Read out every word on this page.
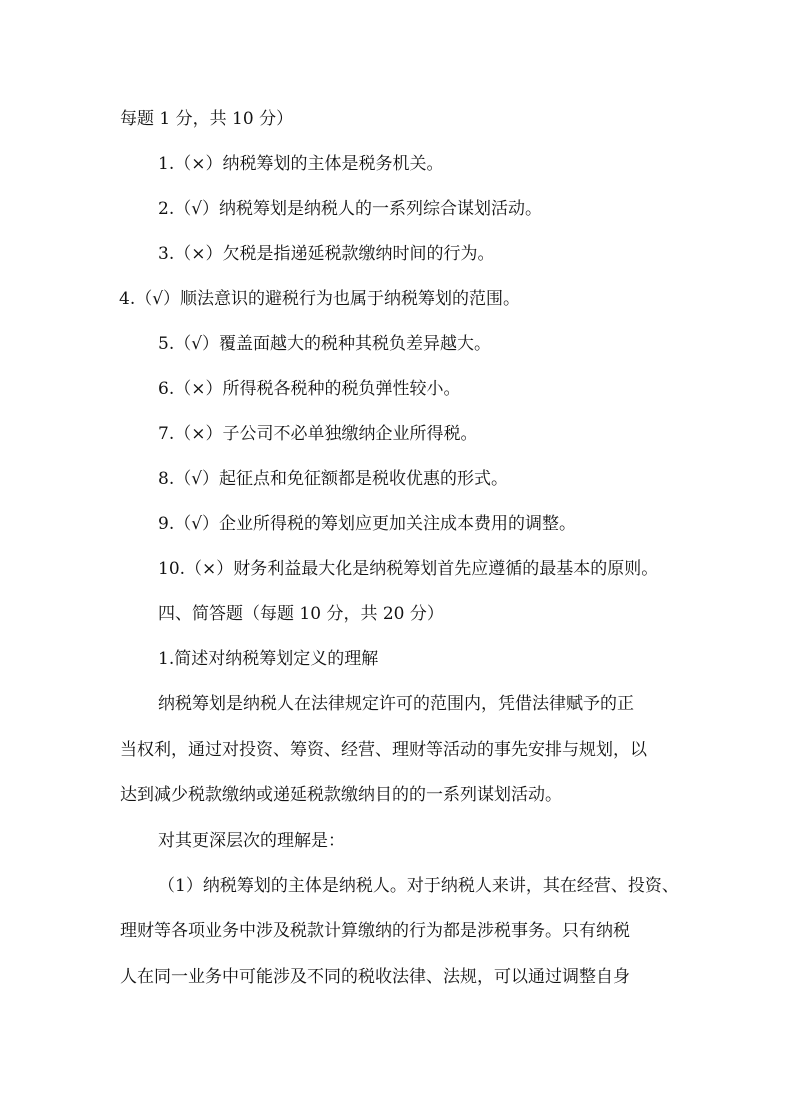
每题 1 分，共 10 分）
1.（×）纳税筹划的主体是税务机关。
2.（√）纳税筹划是纳税人的一系列综合谋划活动。
3.（×）欠税是指递延税款缴纳时间的行为。
4.（√）顺法意识的避税行为也属于纳税筹划的范围。
5.（√）覆盖面越大的税种其税负差异越大。
6.（×）所得税各税种的税负弹性较小。
7.（×）子公司不必单独缴纳企业所得税。
8.（√）起征点和免征额都是税收优惠的形式。
9.（√）企业所得税的筹划应更加关注成本费用的调整。
10.（×）财务利益最大化是纳税筹划首先应遵循的最基本的原则。
四、简答题（每题 10 分，共 20 分）
1.简述对纳税筹划定义的理解
纳税筹划是纳税人在法律规定许可的范围内，凭借法律赋予的正
当权利，通过对投资、筹资、经营、理财等活动的事先安排与规划，以
达到减少税款缴纳或递延税款缴纳目的的一系列谋划活动。
对其更深层次的理解是：
（1）纳税筹划的主体是纳税人。对于纳税人来讲，其在经营、投资、
理财等各项业务中涉及税款计算缴纳的行为都是涉税事务。只有纳税
人在同一业务中可能涉及不同的税收法律、法规，可以通过调整自身
